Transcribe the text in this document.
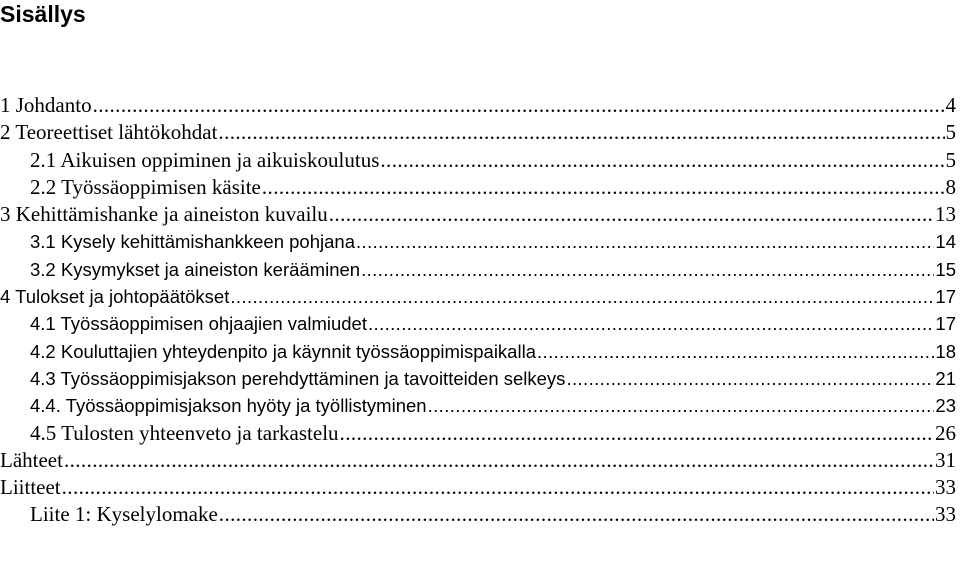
Sisällys
1 Johdanto .....	4
2 Teoreettiset lähtökohdat .....	5
2.1 Aikuisen oppiminen ja aikuiskoulutus .....	5
2.2 Työssäoppimisen käsite .....	8
3 Kehittämishanke ja aineiston kuvailu .....	13
3.1 Kysely kehittämishankkeen pohjana .....	14
3.2 Kysymykset ja aineiston kerääminen .....	15
4 Tulokset ja johtopäätökset .....	17
4.1 Työssäoppimisen ohjaajien valmiudet .....	17
4.2 Kouluttajien yhteydenpito ja käynnit työssäoppimispaikalla .....	18
4.3 Työssäoppimisjakson perehdyttäminen ja tavoitteiden selkeys .....	21
4.4. Työssäoppimisjakson hyöty ja työllistyminen .....	23
4.5 Tulosten yhteenveto ja tarkastelu .....	26
Lähteet .....	31
Liitteet .....	33
Liite 1: Kyselylomake .....	33
